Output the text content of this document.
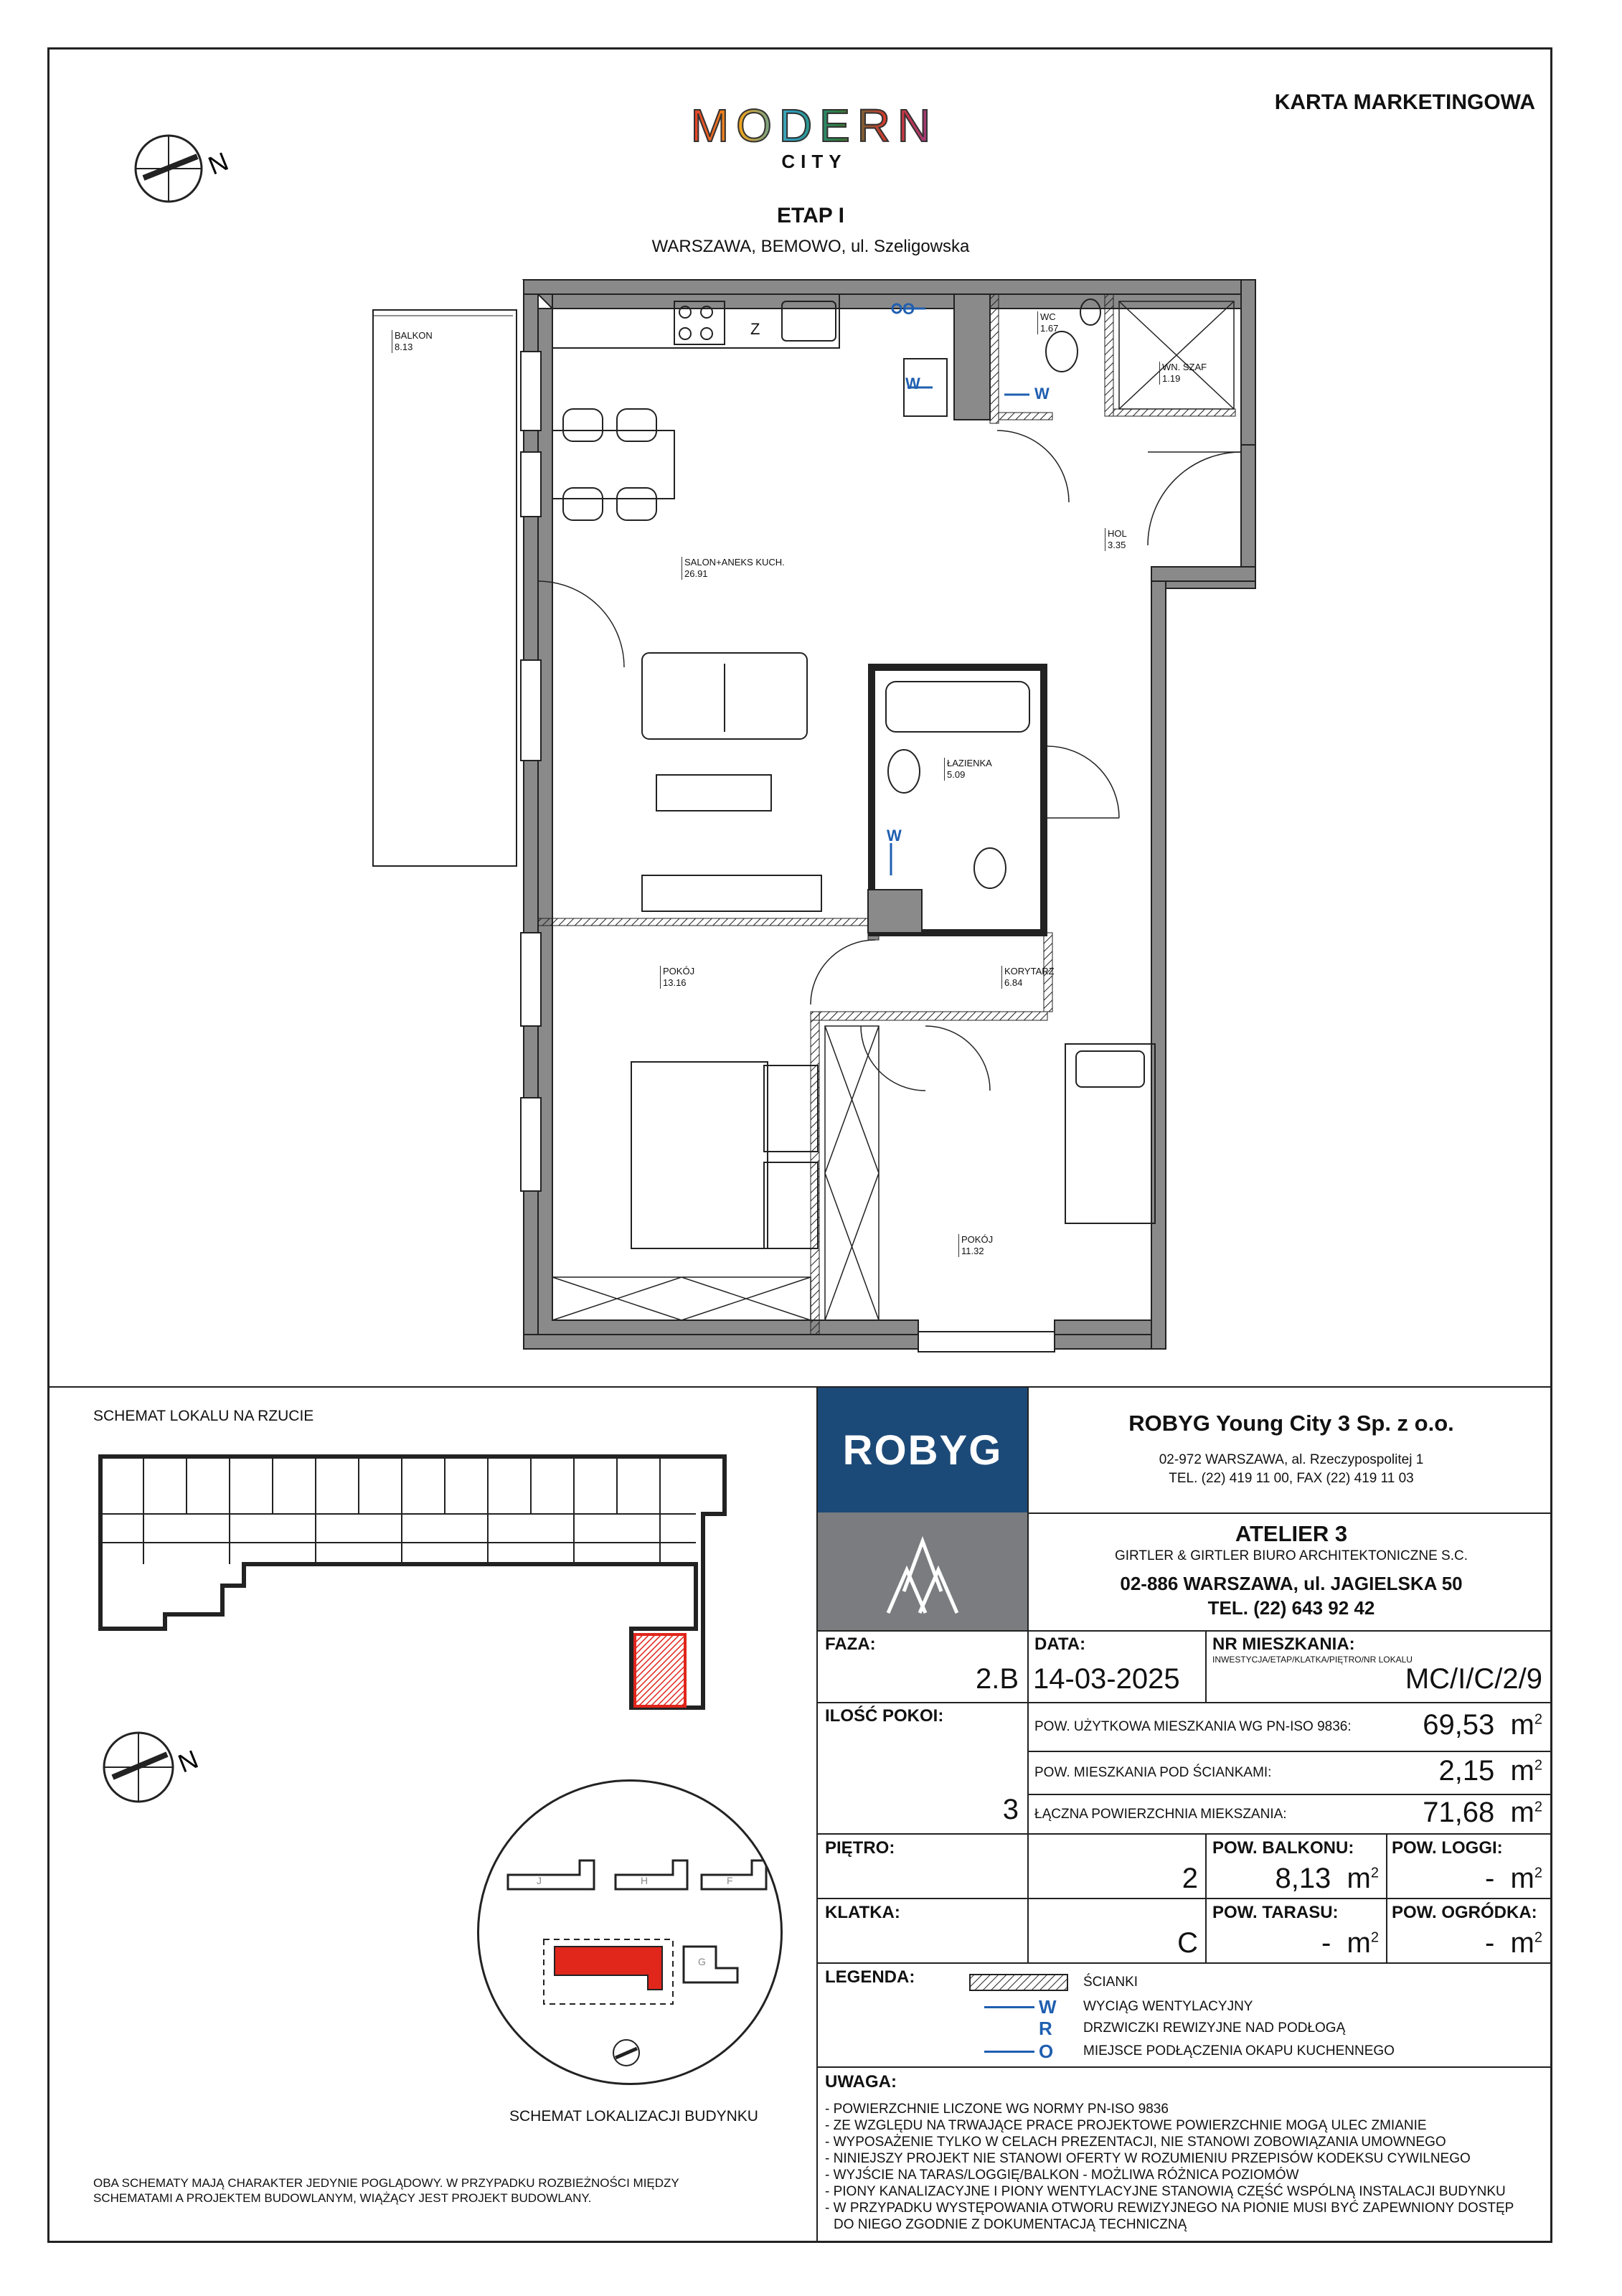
MODERN
CITY
KARTA MARKETINGOWA
ETAP I
WARSZAWA, BEMOWO, ul. Szeligowska
N
Z
O
W
W
W
BALKON
8.13
WC
1.67
WN. SZAF
1.19
HOL
3.35
SALON+ANEKS KUCH.
26.91
ŁAZIENKA
5.09
POKÓJ
13.16
KORYTARZ
6.84
POKÓJ
11.32
SCHEMAT LOKALU NA RZUCIE
N
J	H	F
G
SCHEMAT LOKALIZACJI BUDYNKU
OBA SCHEMATY MAJĄ CHARAKTER JEDYNIE POGLĄDOWY. W PRZYPADKU ROZBIEŻNOŚCI MIĘDZY SCHEMATAMI A PROJEKTEM BUDOWLANYM, WIĄŻĄCY JEST PROJEKT BUDOWLANY.
ROBYG
ROBYG Young City 3 Sp. z o.o.
02-972 WARSZAWA, al. Rzeczypospolitej 1
TEL. (22) 419 11 00, FAX (22) 419 11 03
ATELIER 3
GIRTLER & GIRTLER BIURO ARCHITEKTONICZNE S.C.
02-886 WARSZAWA, ul. JAGIELSKA 50
TEL. (22) 643 92 42
FAZA:
2.B
DATA:
14-03-2025
NR MIESZKANIA:
INWESTYCJA/ETAP/KLATKA/PIĘTRO/NR LOKALU
MC/I/C/2/9
ILOŚĆ POKOI:
3
POW. UŻYTKOWA MIESZKANIA WG PN-ISO 9836:	69,53 $m^2$
POW. MIESZKANIA POD ŚCIANKAMI:	2,15 $m^2$
ŁĄCZNA POWIERZCHNIA MIEKSZANIA:	71,68 $m^2$
PIĘTRO:
2
POW. BALKONU:
8,13 $m^2$
POW. LOGGI:
- $m^2$
KLATKA:
C
POW. TARASU:
- $m^2$
POW. OGRÓDKA:
- $m^2$
LEGENDA:	ŚCIANKI
W WYCIĄG WENTYLACYJNY
R DRZWICZKI REWIZYJNE NAD PODŁOGĄ
O MIEJSCE PODŁĄCZENIA OKAPU KUCHENNEGO
UWAGA:
- POWIERZCHNIE LICZONE WG NORMY PN-ISO 9836
- ZE WZGLĘDU NA TRWAJĄCE PRACE PROJEKTOWE POWIERZCHNIE MOGĄ ULEC ZMIANIE
- WYPOSAŻENIE TYLKO W CELACH PREZENTACJI, NIE STANOWI ZOBOWIĄZANIA UMOWNEGO
- NINIEJSZY PROJEKT NIE STANOWI OFERTY W ROZUMIENIU PRZEPISÓW KODEKSU CYWILNEGO
- WYJŚCIE NA TARAS/LOGGIĘ/BALKON - MOŻLIWA RÓŻNICA POZIOMÓW
- PIONY KANALIZACYJNE I PIONY WENTYLACYJNE STANOWIĄ CZĘŚĆ WSPÓLNĄ INSTALACJI BUDYNKU
- W PRZYPADKU WYSTĘPOWANIA OTWORU REWIZYJNEGO NA PIONIE MUSI BYĆ ZAPEWNIONY DOSTĘP
DO NIEGO ZGODNIE Z DOKUMENTACJĄ TECHNICZNĄ
